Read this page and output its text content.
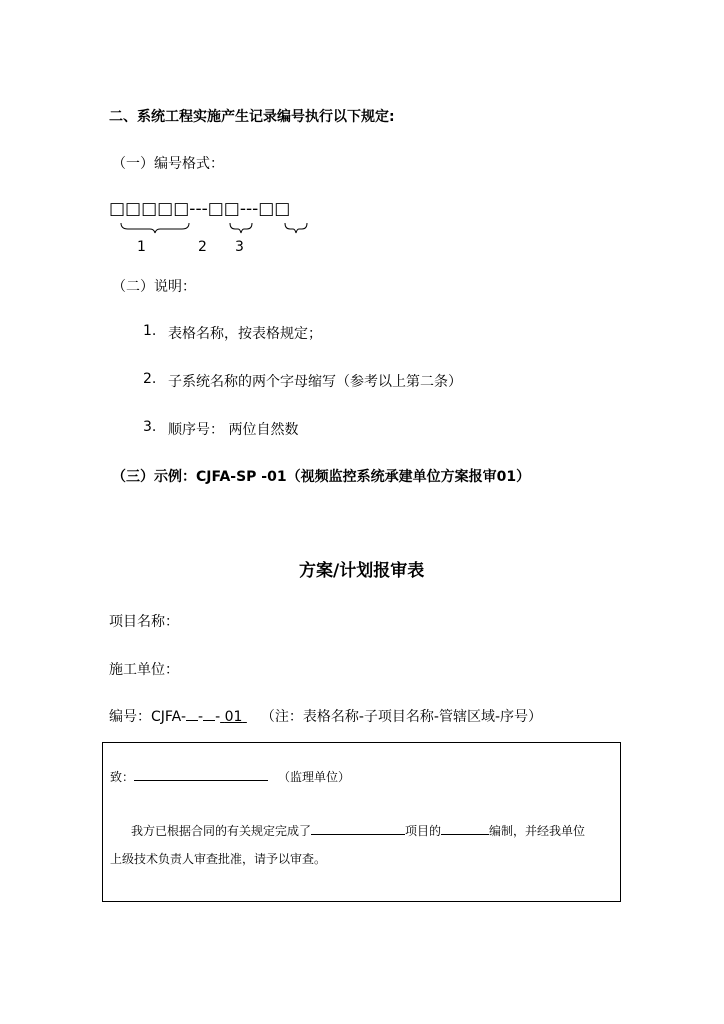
二、系统工程实施产生记录编号执行以下规定:
（一）编号格式：
□□□□□---□□---□□
1	2 3
（二）说明：
1. 表格名称，按表格规定；
2. 子系统名称的两个字母缩写（参考以上第二条）
3. 顺序号： 两位自然数
（三）示例：CJFA-SP -01（视频监控系统承建单位方案报审01）
方案/计划报审表
项目名称：
施工单位：
编号：CJFA- - - 01 （注：表格名称-子项目名称-管辖区域-序号）
致：	（监理单位）
我方已根据合同的有关规定完成了	项目的	编制，并经我单位
上级技术负责人审查批准，请予以审查。
